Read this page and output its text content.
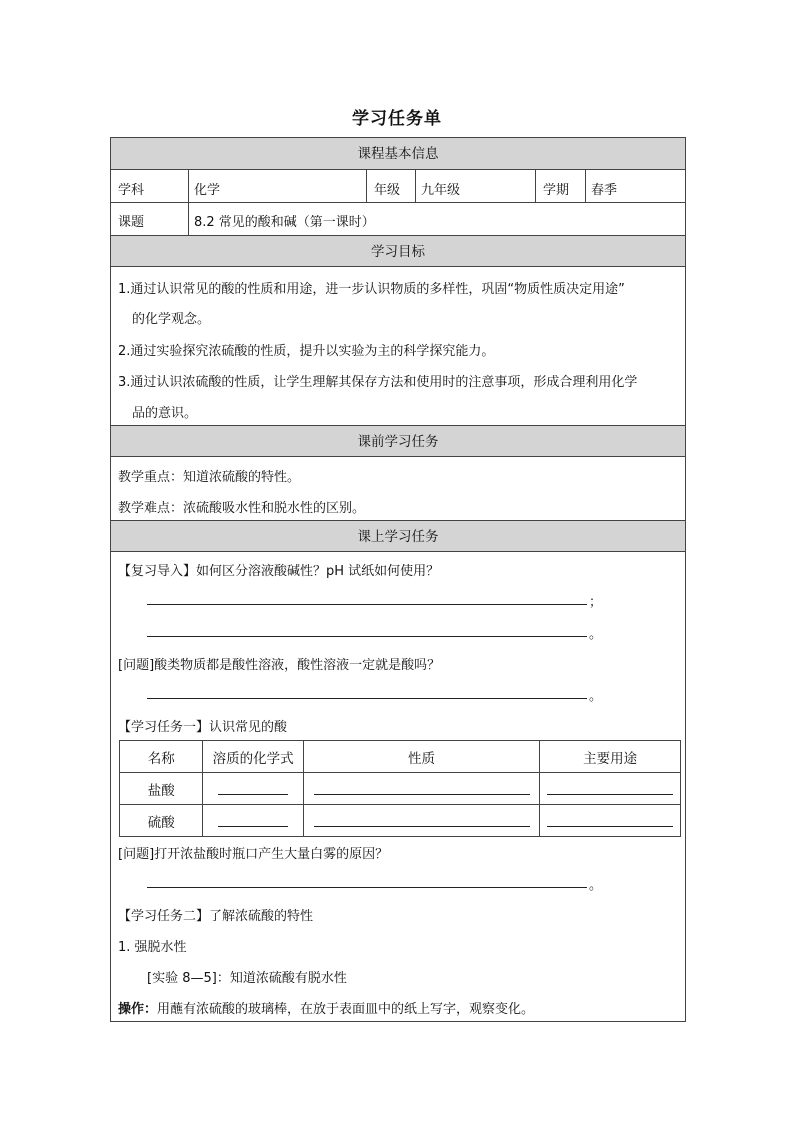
学习任务单
课程基本信息
学科	化学	年级 九年级	学期 春季
课题	8.2 常见的酸和碱（第一课时）
学习目标
1.通过认识常见的酸的性质和用途，进一步认识物质的多样性，巩固“物质性质决定用途”
的化学观念。
2.通过实验探究浓硫酸的性质，提升以实验为主的科学探究能力。
3.通过认识浓硫酸的性质，让学生理解其保存方法和使用时的注意事项，形成合理利用化学
品的意识。
课前学习任务
教学重点：知道浓硫酸的特性。
教学难点：浓硫酸吸水性和脱水性的区别。
课上学习任务
【复习导入】如何区分溶液酸碱性？pH 试纸如何使用？
；
。
[问题]酸类物质都是酸性溶液，酸性溶液一定就是酸吗？
。
【学习任务一】认识常见的酸
名称	溶质的化学式	性质	主要用途
盐酸			
硫酸			
[问题]打开浓盐酸时瓶口产生大量白雾的原因？
。
【学习任务二】了解浓硫酸的特性
1. 强脱水性
[实验 8—5]：知道浓硫酸有脱水性
操作：用蘸有浓硫酸的玻璃棒，在放于表面皿中的纸上写字，观察变化。
